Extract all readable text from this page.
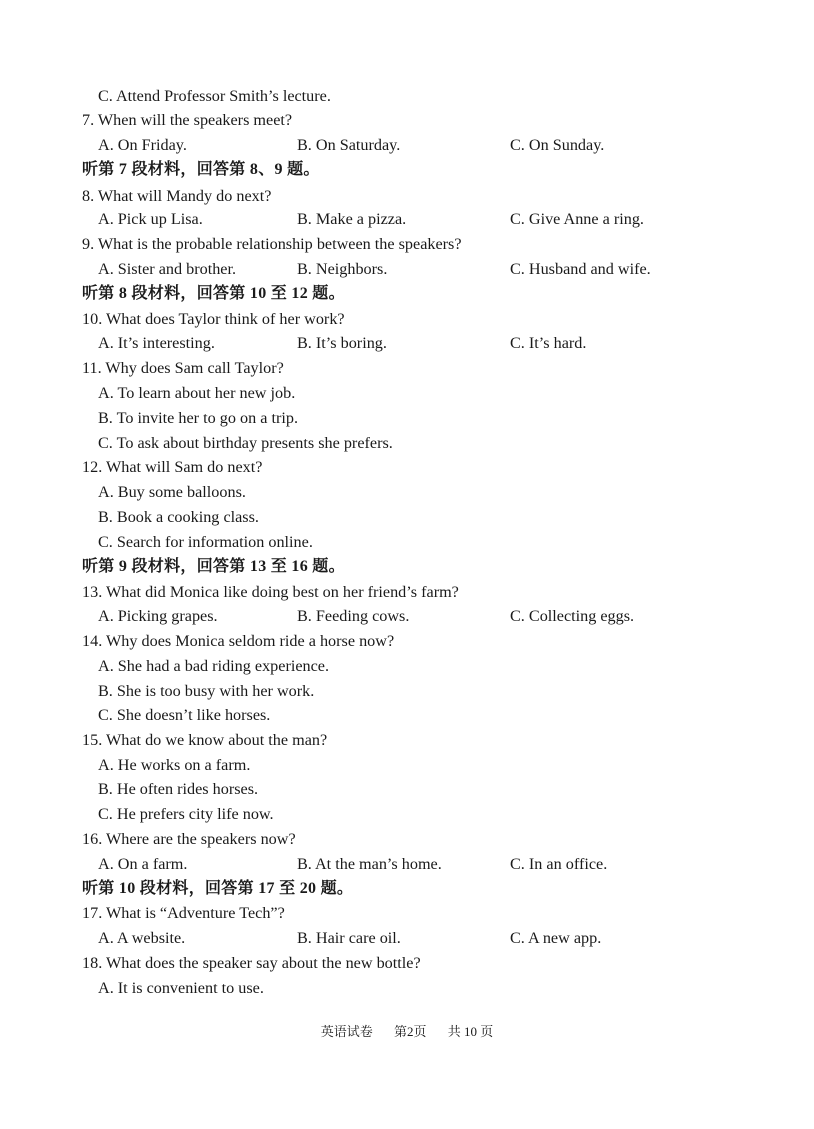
C. Attend Professor Smith’s lecture.
7. When will the speakers meet?
A. On Friday.	B. On Saturday.	C. On Sunday.
听第 7 段材料，回答第 8、9 题。
8. What will Mandy do next?
A. Pick up Lisa.	B. Make a pizza.	C. Give Anne a ring.
9. What is the probable relationship between the speakers?
A. Sister and brother.	B. Neighbors.	C. Husband and wife.
听第 8 段材料，回答第 10 至 12 题。
10. What does Taylor think of her work?
A. It’s interesting.	B. It’s boring.	C. It’s hard.
11. Why does Sam call Taylor?
A. To learn about her new job.
B. To invite her to go on a trip.
C. To ask about birthday presents she prefers.
12. What will Sam do next?
A. Buy some balloons.
B. Book a cooking class.
C. Search for information online.
听第 9 段材料，回答第 13 至 16 题。
13. What did Monica like doing best on her friend’s farm?
A. Picking grapes.	B. Feeding cows.	C. Collecting eggs.
14. Why does Monica seldom ride a horse now?
A. She had a bad riding experience.
B. She is too busy with her work.
C. She doesn’t like horses.
15. What do we know about the man?
A. He works on a farm.
B. He often rides horses.
C. He prefers city life now.
16. Where are the speakers now?
A. On a farm.	B. At the man’s home.	C. In an office.
听第 10 段材料，回答第 17 至 20 题。
17. What is “Adventure Tech”?
A. A website.	B. Hair care oil.	C. A new app.
18. What does the speaker say about the new bottle?
A. It is convenient to use.
英语试卷 第2页 共 10 页
